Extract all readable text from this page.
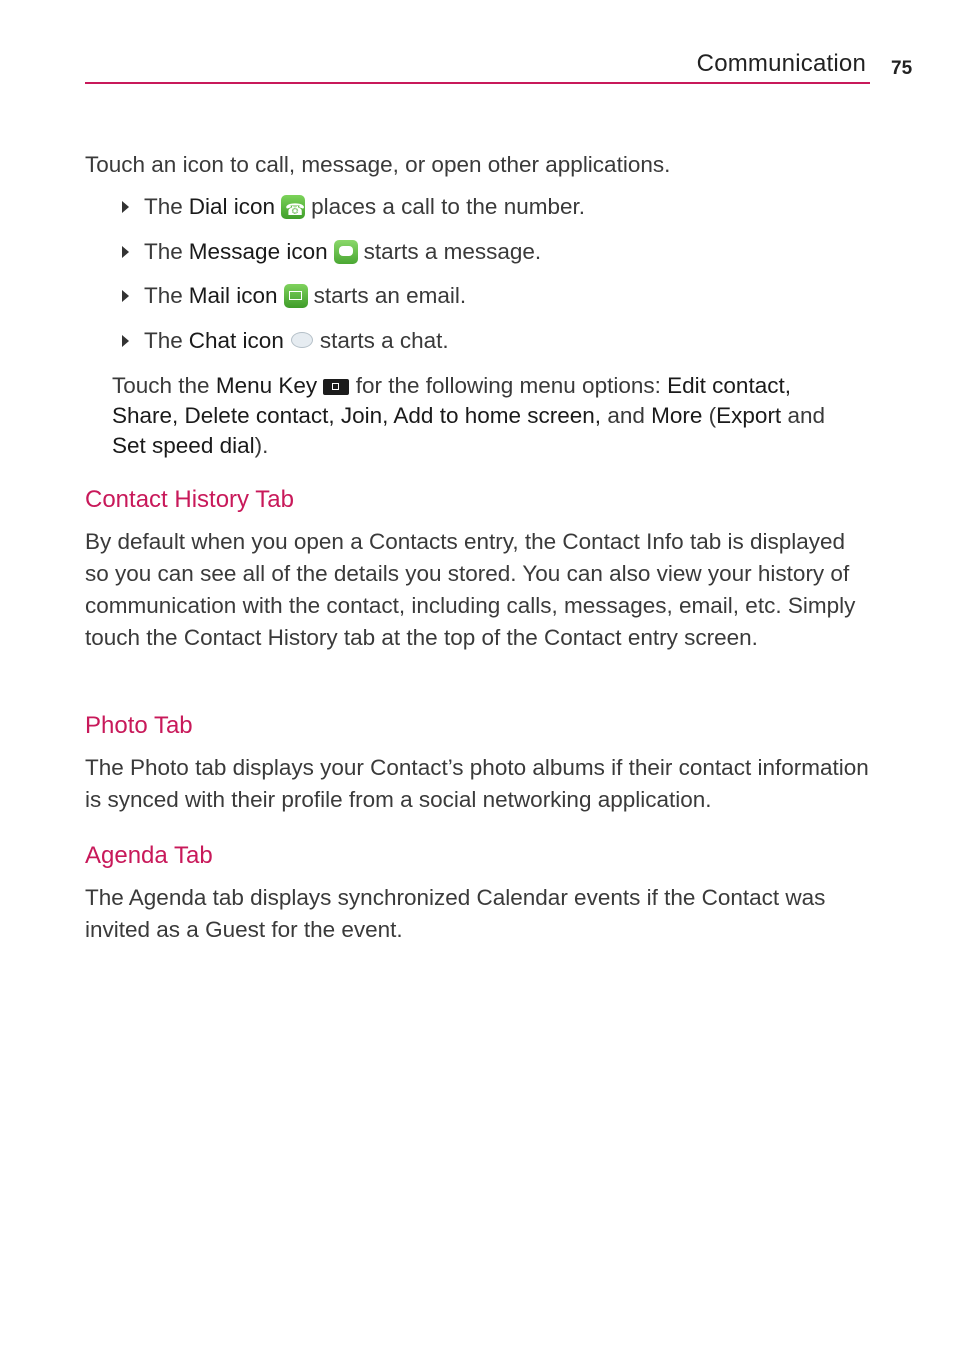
Communication 75
Touch an icon to call, message, or open other applications.
The Dial icon
☎ places a call to the number.
The Message icon starts a message.
The Mail icon starts an email.
The Chat icon starts a chat.
Touch the Menu Key for the following menu options: Edit contact, Share, Delete contact, Join, Add to home screen, and More (Export and Set speed dial).
Contact History Tab
By default when you open a Contacts entry, the Contact Info tab is displayed so you can see all of the details you stored. You can also view your history of communication with the contact, including calls, messages, email, etc. Simply touch the Contact History tab at the top of the Contact entry screen.
Photo Tab
The Photo tab displays your Contact’s photo albums if their contact information is synced with their profile from a social networking application.
Agenda Tab
The Agenda tab displays synchronized Calendar events if the Contact was invited as a Guest for the event.
